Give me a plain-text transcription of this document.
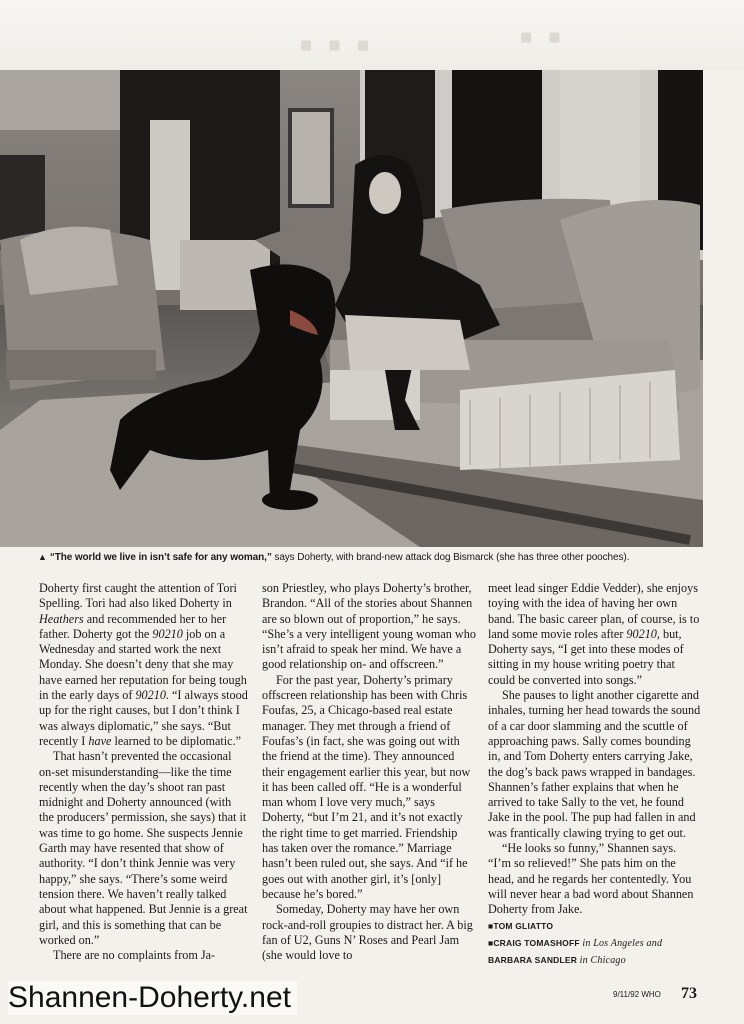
■ ■ ■
■ ■
▲ “The world we live in isn’t safe for any woman,” says Doherty, with brand-new attack dog Bismarck (she has three other pooches).

Doherty first caught the attention of Tori Spelling. Tori had also liked Doherty in Heathers and recommended her to her father. Doherty got the 90210 job on a Wednesday and started work the next Monday. She doesn’t deny that she may have earned her reputation for being tough in the early days of 90210. “I always stood up for the right causes, but I don’t think I was always diplomatic,” she says. “But recently I have learned to be diplomatic.”

That hasn’t prevented the occasional on-set misunderstanding—like the time recently when the day’s shoot ran past midnight and Doherty announced (with the producers’ permission, she says) that it was time to go home. She suspects Jennie Garth may have resented that show of authority. “I don’t think Jennie was very happy,” she says. “There’s some weird tension there. We haven’t really talked about what happened. But Jennie is a great girl, and this is something that can be worked on.”

There are no complaints from Ja-

son Priestley, who plays Doherty’s brother, Brandon. “All of the stories about Shannen are so blown out of proportion,” he says. “She’s a very intelligent young woman who isn’t afraid to speak her mind. We have a good relationship on- and offscreen.”

For the past year, Doherty’s primary offscreen relationship has been with Chris Foufas, 25, a Chicago-based real estate manager. They met through a friend of Foufas’s (in fact, she was going out with the friend at the time). They announced their engagement earlier this year, but now it has been called off. “He is a wonderful man whom I love very much,” says Doherty, “but I’m 21, and it’s not exactly the right time to get married. Friendship has taken over the romance.” Marriage hasn’t been ruled out, she says. And “if he goes out with another girl, it’s [only] because he’s bored.”

Someday, Doherty may have her own rock-and-roll groupies to distract her. A big fan of U2, Guns N’ Roses and Pearl Jam (she would love to

meet lead singer Eddie Vedder), she enjoys toying with the idea of having her own band. The basic career plan, of course, is to land some movie roles after 90210, but, Doherty says, “I get into these modes of sitting in my house writing poetry that could be converted into songs.”

She pauses to light another cigarette and inhales, turning her head towards the sound of a car door slamming and the scuttle of approaching paws. Sally comes bounding in, and Tom Doherty enters carrying Jake, the dog’s back paws wrapped in bandages. Shannen’s father explains that when he arrived to take Sally to the vet, he found Jake in the pool. The pup had fallen in and was frantically clawing trying to get out.

“He looks so funny,” Shannen says. “I’m so relieved!” She pats him on the head, and he regards her contentedly. You will never hear a bad word about Shannen Doherty from Jake.

■TOM GLIATTO
■CRAIG TOMASHOFF in Los Angeles and
BARBARA SANDLER in Chicago
9/11/92 WHO 73
Shannen-Doherty.net
